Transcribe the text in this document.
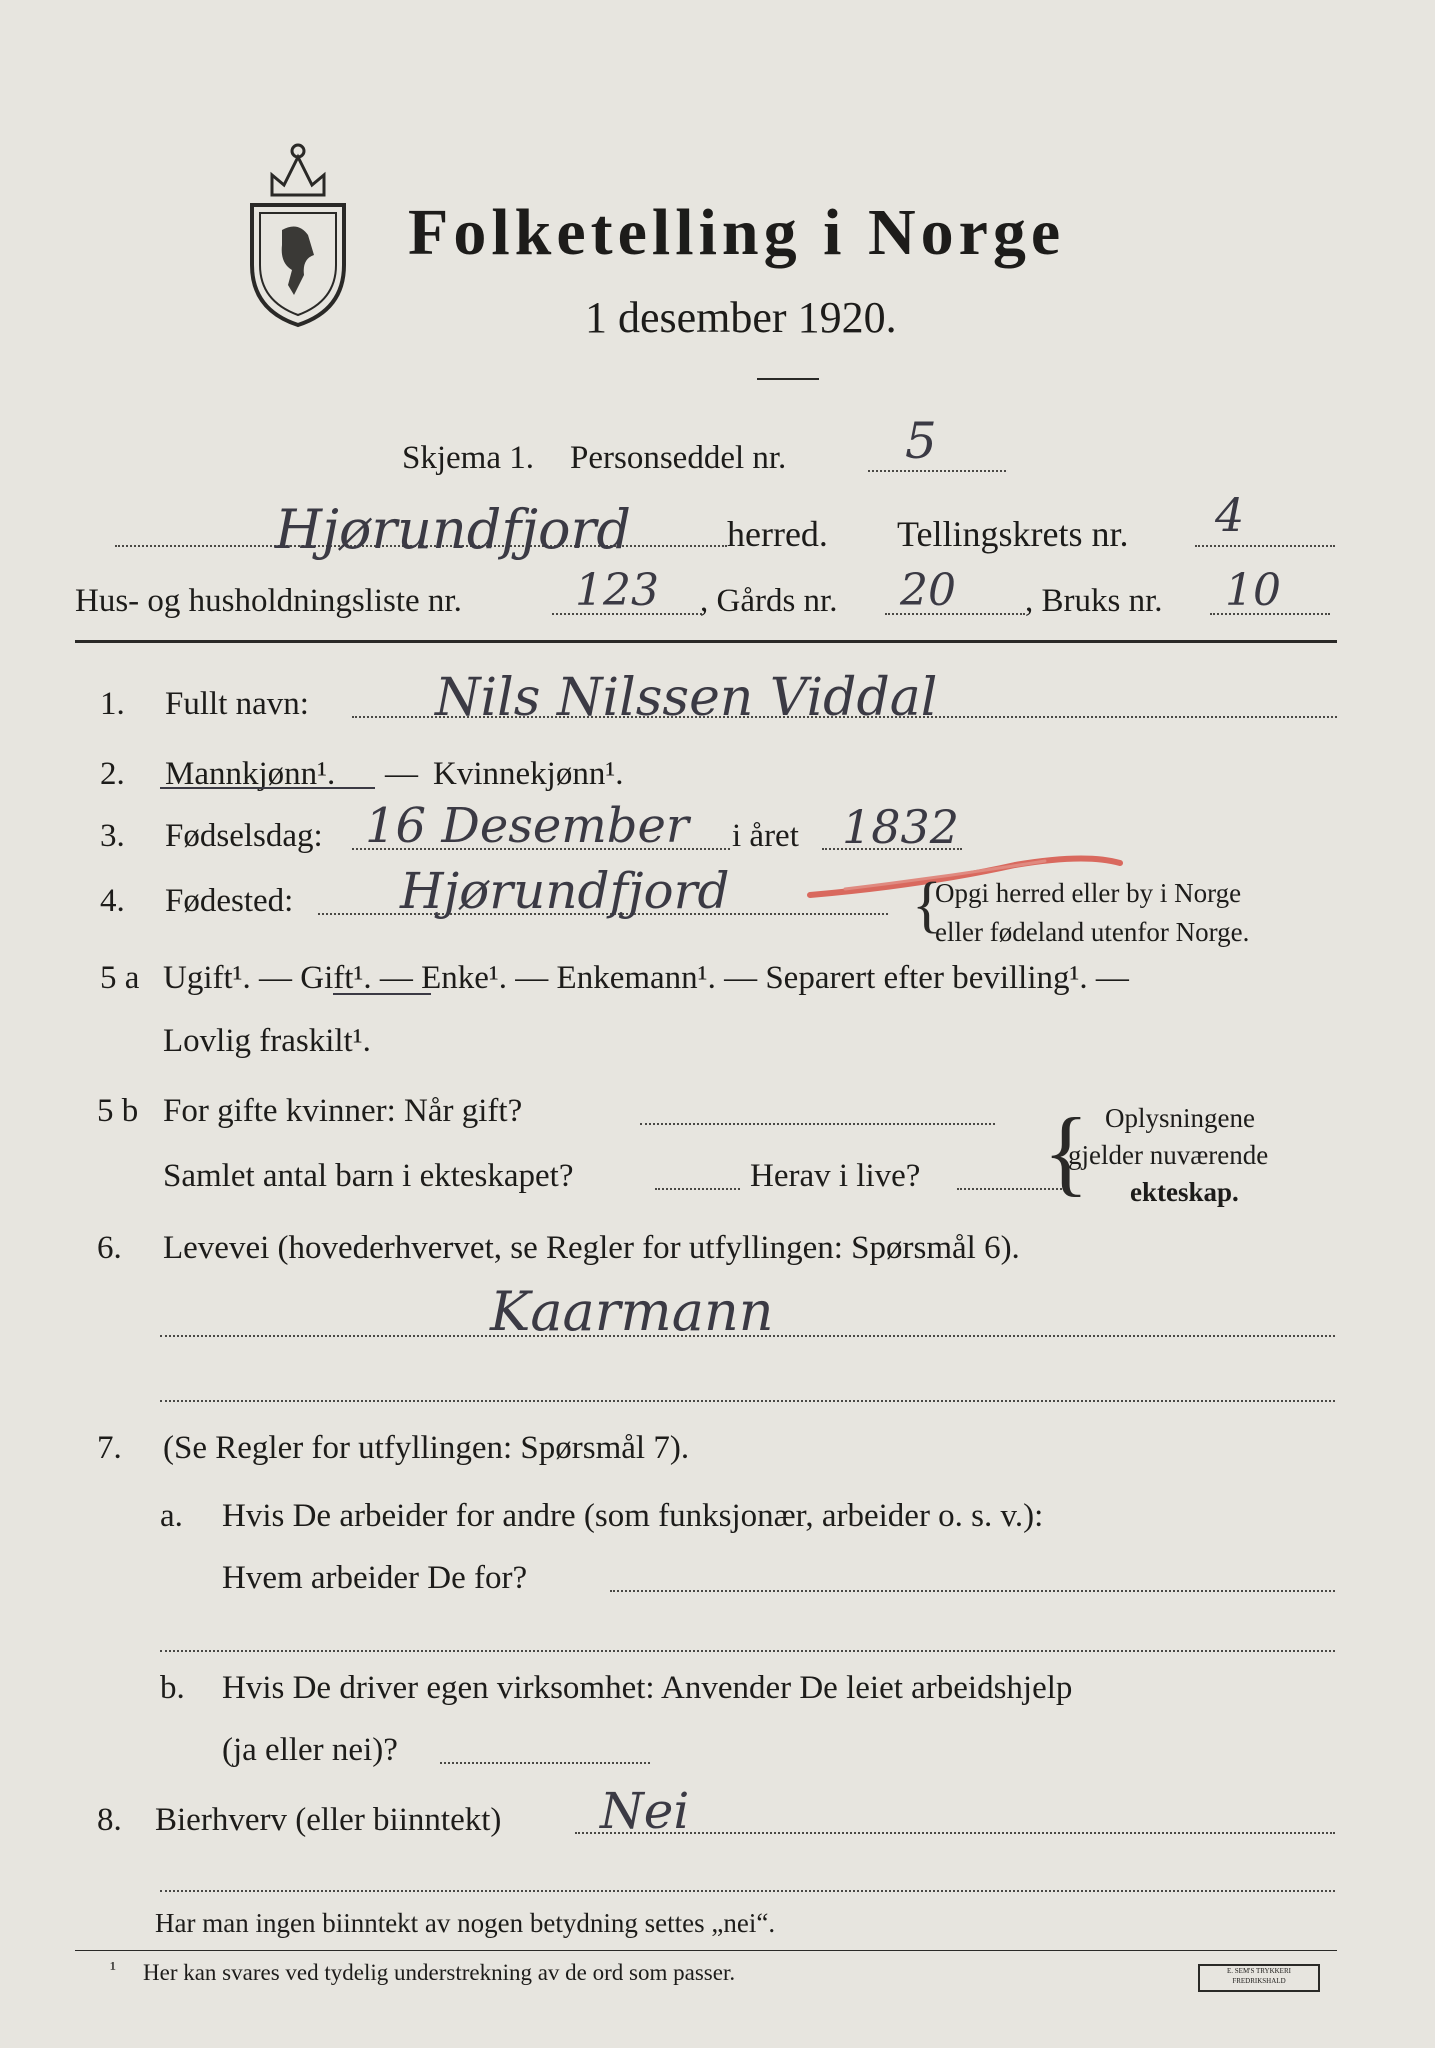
Folketelling i Norge
1 desember 1920.
Skjema 1. Personseddel nr. 5
Hjørundfjord	herred. Tellingskrets nr. 4
Hus- og husholdningsliste nr.	123 , Gårds nr. 20 , Bruks nr. 10
1. Fullt navn: Nils Nilssen Viddal
2. Mannkjønn¹. — Kvinnekjønn¹.
3. Fødselsdag: 16 Desember i året 1832
4. Fødested: Hjørundfjord	{
Opgi herred eller by i Norge
eller fødeland utenfor Norge.
5 a Ugift¹. — Gift¹. — Enke¹. — Enkemann¹. — Separert efter bevilling¹. —
Lovlig fraskilt¹.
5 b For gifte kvinner: Når gift?
Samlet antal barn i ekteskapet?	Herav i live? { Oplysningene
gjelder nuværende
ekteskap.
6. Levevei (hovederhvervet, se Regler for utfyllingen: Spørsmål 6).
Kaarmann
7. (Se Regler for utfyllingen: Spørsmål 7).
a. Hvis De arbeider for andre (som funksjonær, arbeider o. s. v.):
Hvem arbeider De for?
b. Hvis De driver egen virksomhet: Anvender De leiet arbeidshjelp
(ja eller nei)?
8. Bierhverv (eller biinntekt) Nei
Har man ingen biinntekt av nogen betydning settes „nei“.
¹ Her kan svares ved tydelig understrekning av de ord som passer.	E. SEM'S TRYKKERI FREDRIKSHALD
